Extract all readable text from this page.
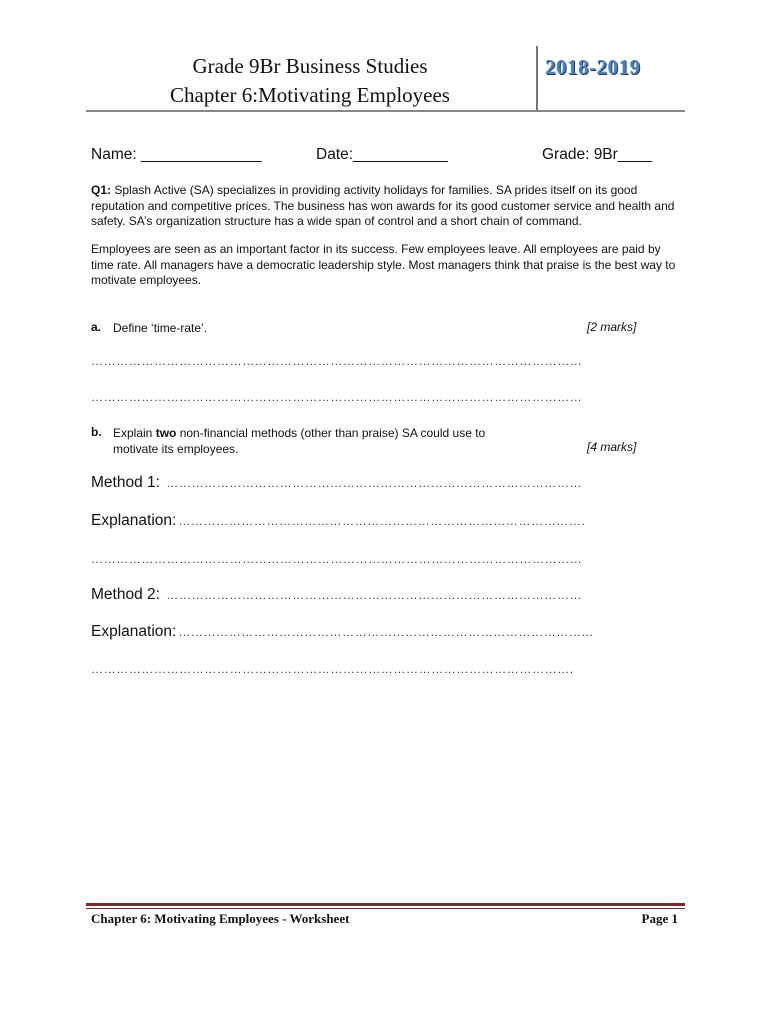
Grade 9Br Business Studies
Chapter 6:Motivating Employees
2018-2019
Name: ______________	Date:___________	Grade: 9Br____

Q1: Splash Active (SA) specializes in providing activity holidays for families. SA prides itself on its good reputation and competitive prices. The business has won awards for its good customer service and health and safety. SA’s organization structure has a wide span of control and a short chain of command.

Employees are seen as an important factor in its success. Few employees leave. All employees are paid by time rate. All managers have a democratic leadership style. Most managers think that praise is the best way to motivate employees.

a. Define ‘time-rate’.	[2 marks]
………………………………………………………………………………………………………
………………………………………………………………………………………………………
b. Explain two non-financial methods (other than praise) SA could use to
motivate its employees.	[4 marks]
Method 1: ………………………………………………………………………………………
Explanation: …………………………………………………………………………………….
………………………………………………………………………………………………………
Method 2: ………………………………………………………………………………………
Explanation: ……………………………………………………………………………………...
…………………………………………………………………………………………………….
Chapter 6: Motivating Employees - Worksheet	Page 1
